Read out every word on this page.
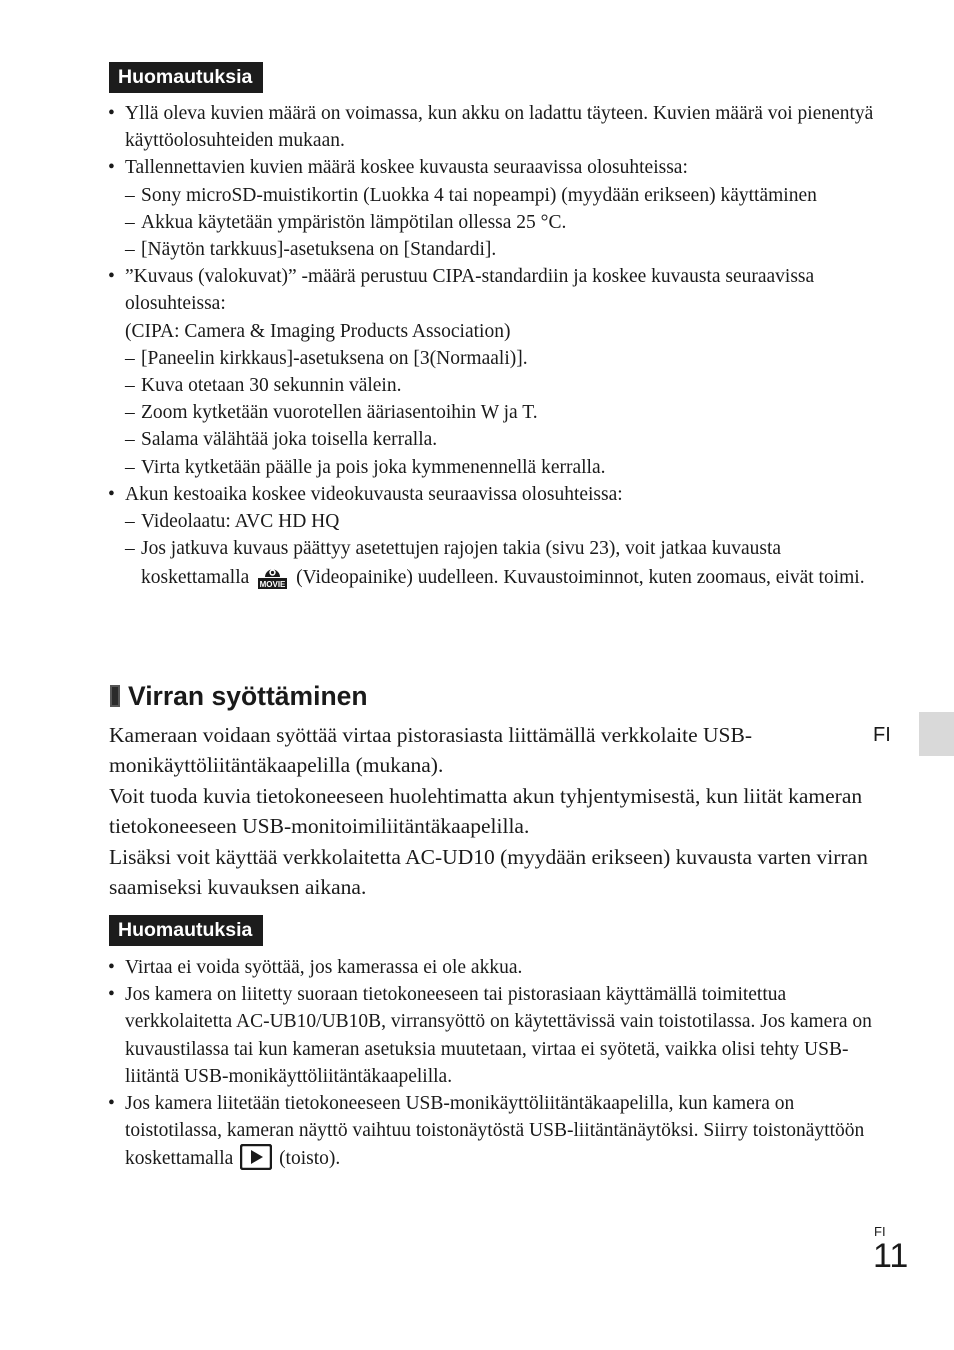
Huomautuksia
• Yllä oleva kuvien määrä on voimassa, kun akku on ladattu täyteen. Kuvien määrä voi pienentyä käyttöolosuhteiden mukaan.
• Tallennettavien kuvien määrä koskee kuvausta seuraavissa olosuhteissa:
– Sony microSD-muistikortin (Luokka 4 tai nopeampi) (myydään erikseen) käyttäminen
– Akkua käytetään ympäristön lämpötilan ollessa 25 °C.
– [Näytön tarkkuus]-asetuksena on [Standardi].
• ”Kuvaus (valokuvat)” -määrä perustuu CIPA-standardiin ja koskee kuvausta seuraavissa olosuhteissa:
(CIPA: Camera & Imaging Products Association)
– [Paneelin kirkkaus]-asetuksena on [3(Normaali)].
– Kuva otetaan 30 sekunnin välein.
– Zoom kytketään vuorotellen ääriasentoihin W ja T.
– Salama välähtää joka toisella kerralla.
– Virta kytketään päälle ja pois joka kymmenennellä kerralla.
• Akun kestoaika koskee videokuvausta seuraavissa olosuhteissa:
– Videolaatu: AVC HD HQ
– Jos jatkuva kuvaus päättyy asetettujen rajojen takia (sivu 23), voit jatkaa kuvausta koskettamalla MOVIE (Videopainike) uudelleen. Kuvaustoiminnot, kuten zoomaus, eivät toimi.
Virran syöttäminen
Kameraan voidaan syöttää virtaa pistorasiasta liittämällä verkkolaite USB-monikäyttöliitäntäkaapelilla (mukana).
Voit tuoda kuvia tietokoneeseen huolehtimatta akun tyhjentymisestä, kun liität kameran tietokoneeseen USB-monitoimiliitäntäkaapelilla.
Lisäksi voit käyttää verkkolaitetta AC-UD10 (myydään erikseen) kuvausta varten virran saamiseksi kuvauksen aikana.
Huomautuksia
• Virtaa ei voida syöttää, jos kamerassa ei ole akkua.
• Jos kamera on liitetty suoraan tietokoneeseen tai pistorasiaan käyttämällä toimitettua verkkolaitetta AC-UB10/UB10B, virransyöttö on käytettävissä vain toistotilassa. Jos kamera on kuvaustilassa tai kun kameran asetuksia muutetaan, virtaa ei syötetä, vaikka olisi tehty USB-liitäntä USB-monikäyttöliitäntäkaapelilla.
• Jos kamera liitetään tietokoneeseen USB-monikäyttöliitäntäkaapelilla, kun kamera on toistotilassa, kameran näyttö vaihtuu toistonäytöstä USB-liitäntänäytöksi. Siirry toistonäyttöön koskettamalla (toisto).
FI
FI
11
